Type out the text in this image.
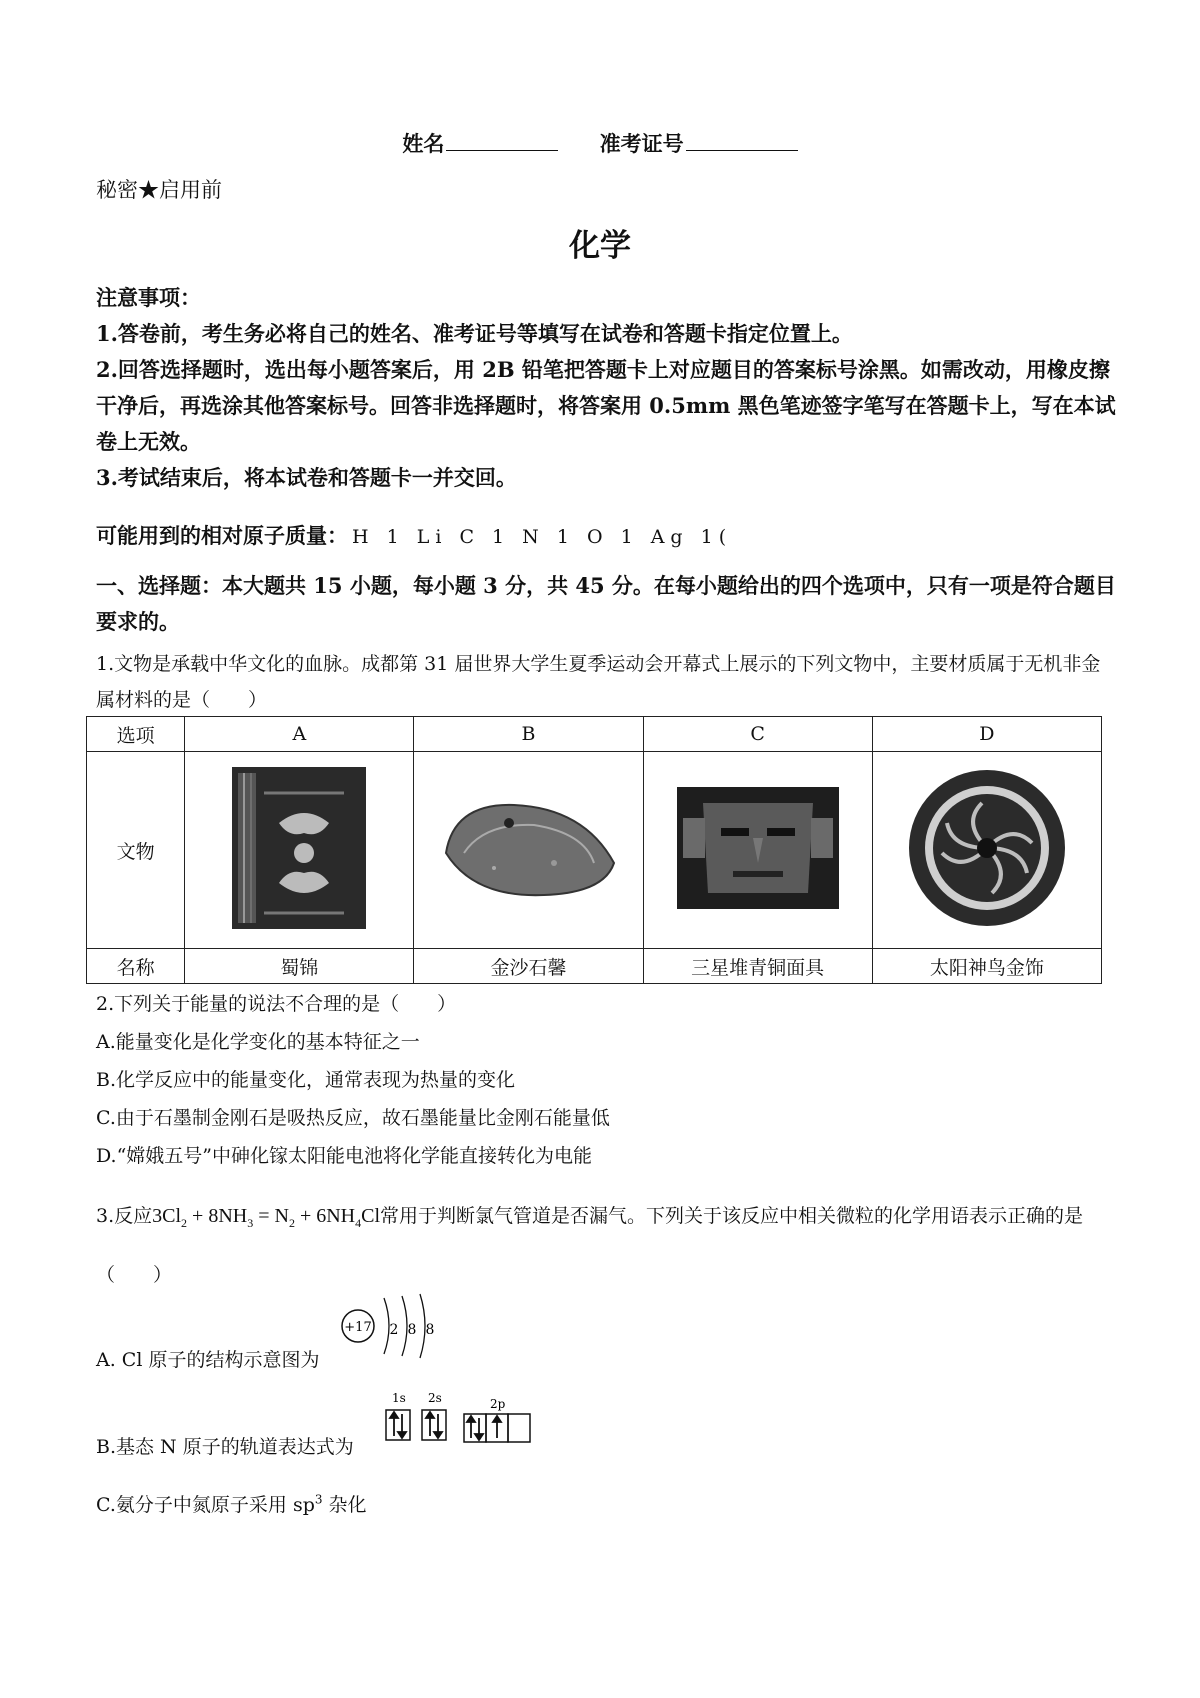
姓名	准考证号
秘密★启用前
化学
注意事项：
1.答卷前，考生务必将自己的姓名、准考证号等填写在试卷和答题卡指定位置上。
2.回答选择题时，选出每小题答案后，用 2B 铅笔把答题卡上对应题目的答案标号涂黑。如需改动，用橡皮擦干净后，再选涂其他答案标号。回答非选择题时，将答案用 0.5mm 黑色笔迹签字笔写在答题卡上，写在本试卷上无效。
3.考试结束后，将本试卷和答题卡一并交回。
可能用到的相对原子质量： H 1 Li C 1 N 1 O 1 Ag 1(
一、选择题：本大题共 15 小题，每小题 3 分，共 45 分。在每小题给出的四个选项中，只有一项是符合题目要求的。
1.文物是承载中华文化的血脉。成都第 31 届世界大学生夏季运动会开幕式上展示的下列文物中，主要材质属于无机非金属材料的是（　　）
选项	A	B	C	D
文物				
名称	蜀锦	金沙石馨	三星堆青铜面具	太阳神鸟金饰
2.下列关于能量的说法不合理的是（　　）
A.能量变化是化学变化的基本特征之一
B.化学反应中的能量变化，通常表现为热量的变化
C.由于石墨制金刚石是吸热反应，故石墨能量比金刚石能量低
D.“嫦娥五号”中砷化镓太阳能电池将化学能直接转化为电能
3.反应$3Cl_2 + 8NH_3 = N_2 + 6NH_4Cl$常用于判断氯气管道是否漏气。下列关于该反应中相关微粒的化学用语表示正确的是（　　）
A. Cl 原子的结构示意图为
+17 2 8 8
B.基态 N 原子的轨道表达式为
1s 2s	2p
C.氨分子中氮原子采用 $sp^3$ 杂化
